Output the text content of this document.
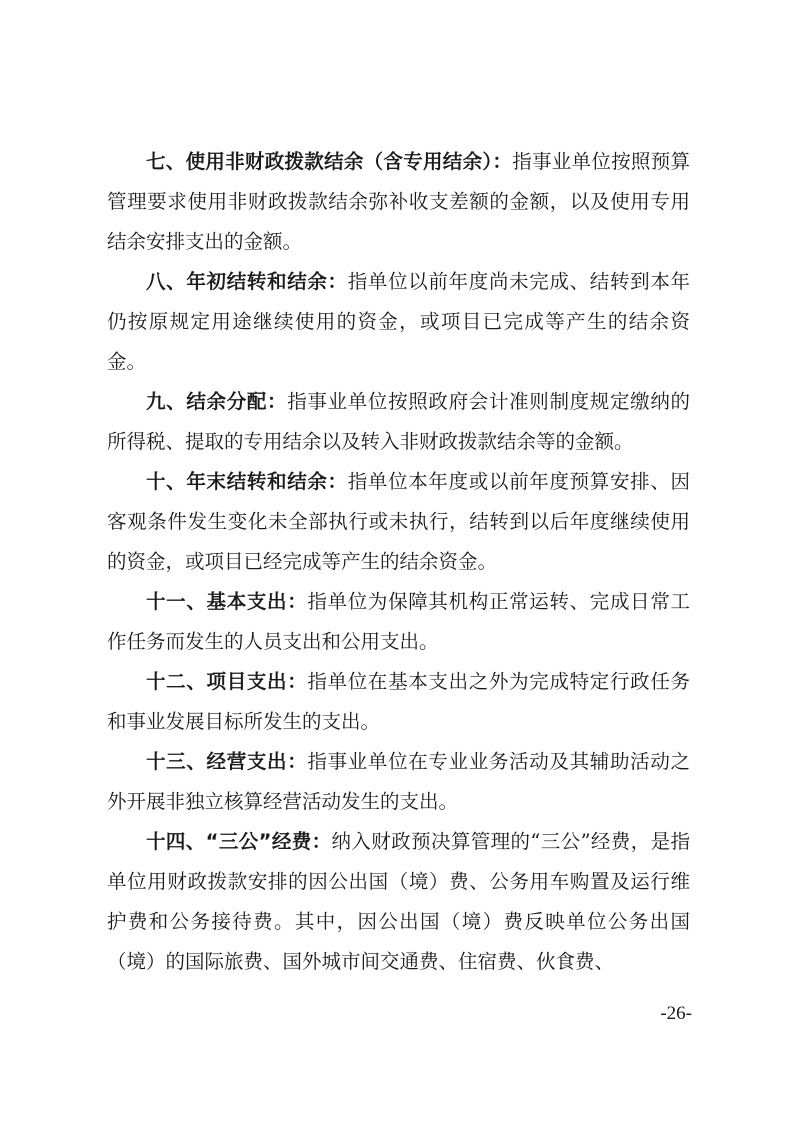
七、使用非财政拨款结余（含专用结余）：指事业单位按照预算管理要求使用非财政拨款结余弥补收支差额的金额，以及使用专用结余安排支出的金额。

八、年初结转和结余：指单位以前年度尚未完成、结转到本年仍按原规定用途继续使用的资金，或项目已完成等产生的结余资金。

九、结余分配：指事业单位按照政府会计准则制度规定缴纳的所得税、提取的专用结余以及转入非财政拨款结余等的金额。

十、年末结转和结余：指单位本年度或以前年度预算安排、因客观条件发生变化未全部执行或未执行，结转到以后年度继续使用的资金，或项目已经完成等产生的结余资金。

十一、基本支出：指单位为保障其机构正常运转、完成日常工作任务而发生的人员支出和公用支出。

十二、项目支出：指单位在基本支出之外为完成特定行政任务和事业发展目标所发生的支出。

十三、经营支出：指事业单位在专业业务活动及其辅助活动之外开展非独立核算经营活动发生的支出。

十四、“三公”经费：纳入财政预决算管理的“三公”经费，是指单位用财政拨款安排的因公出国（境）费、公务用车购置及运行维护费和公务接待费。其中，因公出国（境）费反映单位公务出国（境）的国际旅费、国外城市间交通费、住宿费、伙食费、

-26-
